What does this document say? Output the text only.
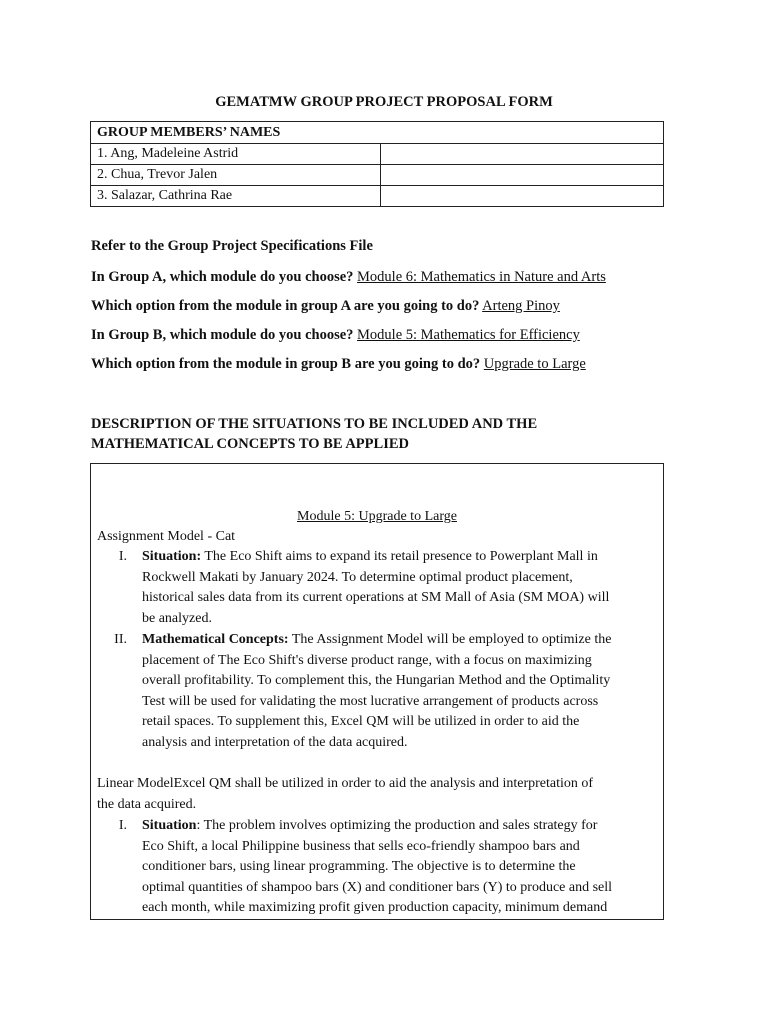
GEMATMW GROUP PROJECT PROPOSAL FORM
GROUP MEMBERS’ NAMES	
1. Ang, Madeleine Astrid	
2. Chua, Trevor Jalen	
3. Salazar, Cathrina Rae	
Refer to the Group Project Specifications File
In Group A, which module do you choose? Module 6: Mathematics in Nature and Arts
Which option from the module in group A are you going to do? Arteng Pinoy
In Group B, which module do you choose? Module 5: Mathematics for Efficiency
Which option from the module in group B are you going to do? Upgrade to Large
DESCRIPTION OF THE SITUATIONS TO BE INCLUDED AND THE
MATHEMATICAL CONCEPTS TO BE APPLIED
Module 5: Upgrade to Large
Assignment Model - Cat
I. Situation: The Eco Shift aims to expand its retail presence to Powerplant Mall in
Rockwell Makati by January 2024. To determine optimal product placement,
historical sales data from its current operations at SM Mall of Asia (SM MOA) will
be analyzed.
II. Mathematical Concepts: The Assignment Model will be employed to optimize the
placement of The Eco Shift's diverse product range, with a focus on maximizing
overall profitability. To complement this, the Hungarian Method and the Optimality
Test will be used for validating the most lucrative arrangement of products across
retail spaces. To supplement this, Excel QM will be utilized in order to aid the
analysis and interpretation of the data acquired.
Linear ModelExcel QM shall be utilized in order to aid the analysis and interpretation of
the data acquired.
I. Situation: The problem involves optimizing the production and sales strategy for
Eco Shift, a local Philippine business that sells eco-friendly shampoo bars and
conditioner bars, using linear programming. The objective is to determine the
optimal quantities of shampoo bars (X) and conditioner bars (Y) to produce and sell
each month, while maximizing profit given production capacity, minimum demand
